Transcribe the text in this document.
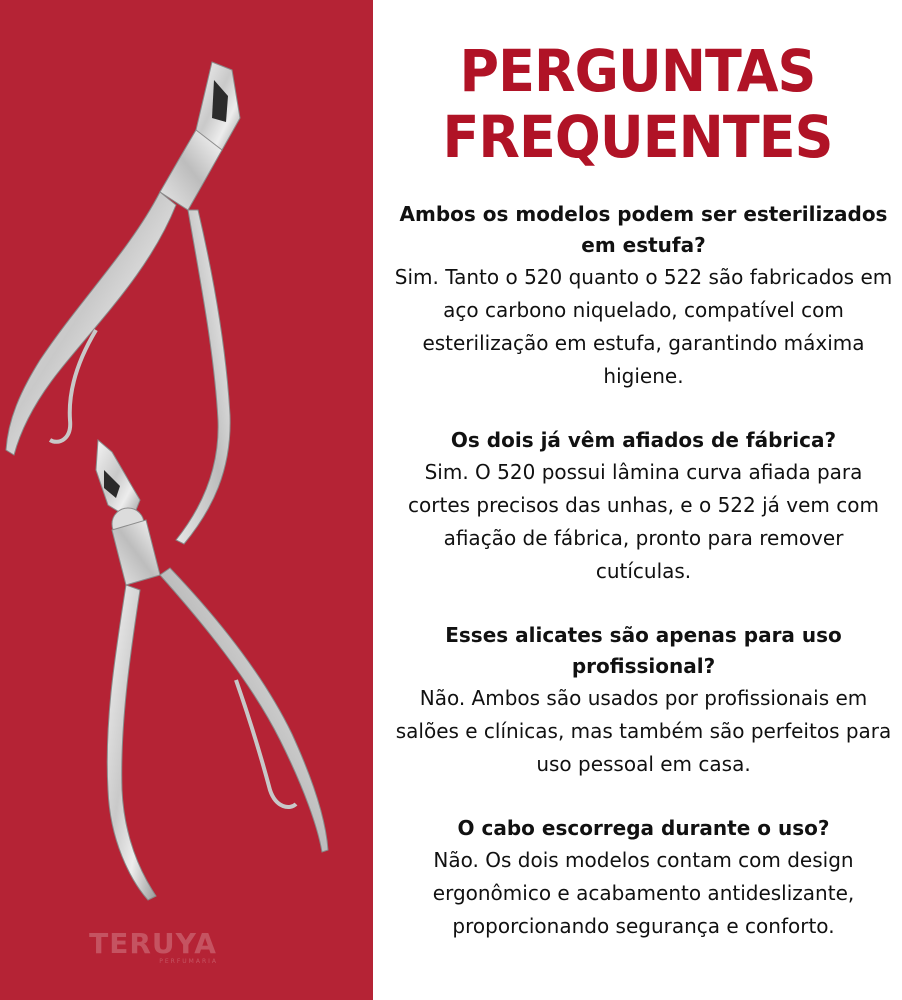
TERUYA
PERFUMARIA
PERGUNTAS
FREQUENTES

Ambos os modelos podem ser esterilizados em estufa?

Sim. Tanto o 520 quanto o 522 são fabricados em aço carbono niquelado, compatível com esterilização em estufa, garantindo máxima higiene.

Os dois já vêm afiados de fábrica?

Sim. O 520 possui lâmina curva afiada para cortes precisos das unhas, e o 522 já vem com afiação de fábrica, pronto para remover cutículas.

Esses alicates são apenas para uso profissional?

Não. Ambos são usados por profissionais em salões e clínicas, mas também são perfeitos para uso pessoal em casa.

O cabo escorrega durante o uso?

Não. Os dois modelos contam com design ergonômico e acabamento antideslizante, proporcionando segurança e conforto.
